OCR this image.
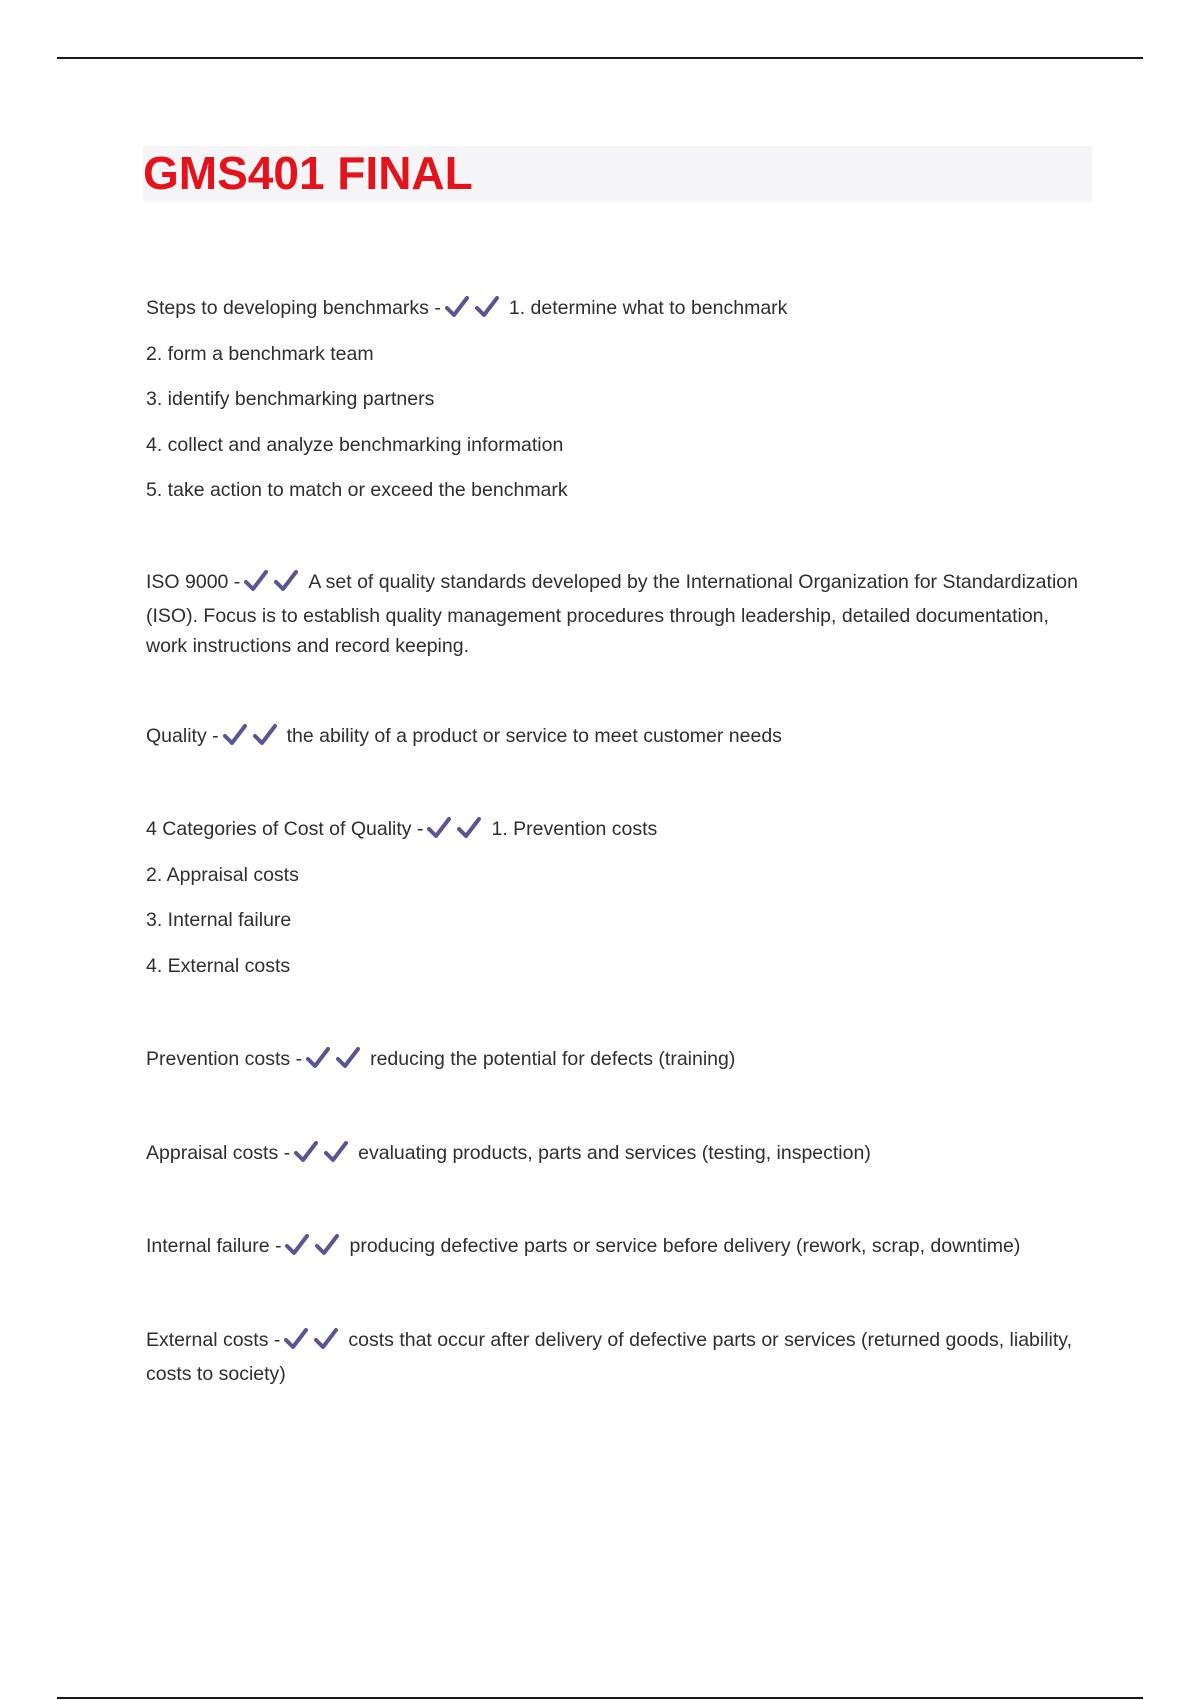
GMS401 FINAL
Steps to developing benchmarks -	1. determine what to benchmark
2. form a benchmark team
3. identify benchmarking partners
4. collect and analyze benchmarking information
5. take action to match or exceed the benchmark
ISO 9000 -	A set of quality standards developed by the International Organization for Standardization (ISO). Focus is to establish quality management procedures through leadership, detailed documentation, work instructions and record keeping.
Quality -	the ability of a product or service to meet customer needs
4 Categories of Cost of Quality -	1. Prevention costs
2. Appraisal costs
3. Internal failure
4. External costs
Prevention costs -	reducing the potential for defects (training)
Appraisal costs -	evaluating products, parts and services (testing, inspection)
Internal failure -	producing defective parts or service before delivery (rework, scrap, downtime)
External costs -	costs that occur after delivery of defective parts or services (returned goods, liability, costs to society)
